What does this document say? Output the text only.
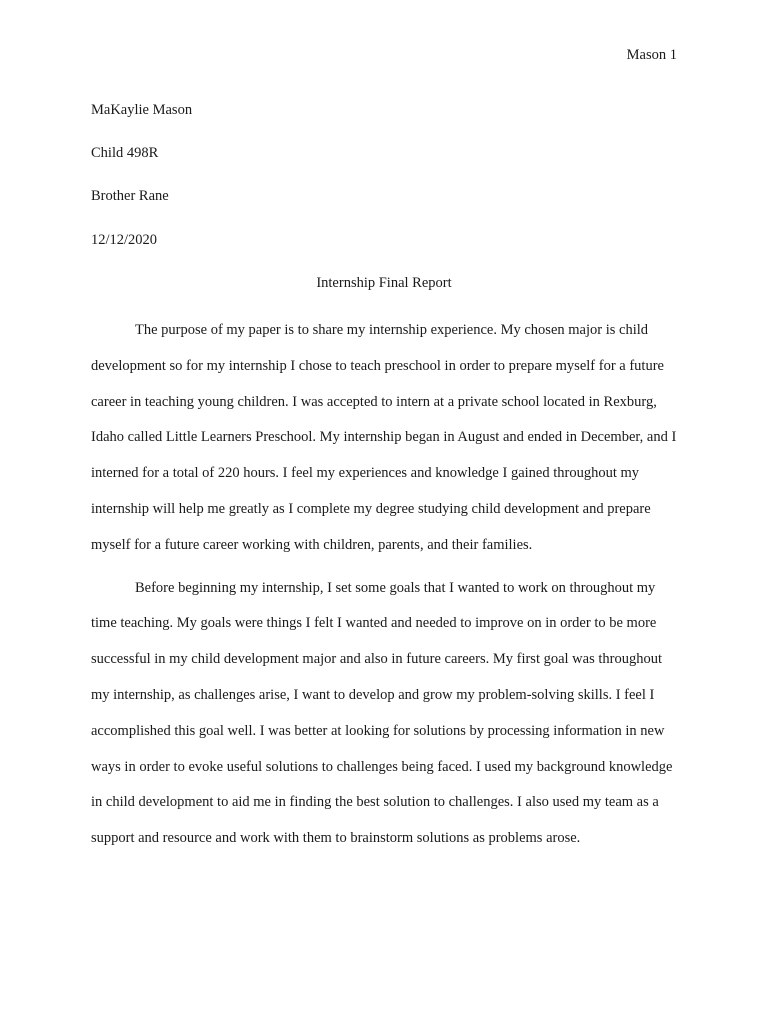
Mason 1
MaKaylie Mason
Child 498R
Brother Rane
12/12/2020
Internship Final Report

The purpose of my paper is to share my internship experience. My chosen major is child development so for my internship I chose to teach preschool in order to prepare myself for a future career in teaching young children. I was accepted to intern at a private school located in Rexburg, Idaho called Little Learners Preschool. My internship began in August and ended in December, and I interned for a total of 220 hours. I feel my experiences and knowledge I gained throughout my internship will help me greatly as I complete my degree studying child development and prepare myself for a future career working with children, parents, and their families.

Before beginning my internship, I set some goals that I wanted to work on throughout my time teaching. My goals were things I felt I wanted and needed to improve on in order to be more successful in my child development major and also in future careers. My first goal was throughout my internship, as challenges arise, I want to develop and grow my problem-solving skills. I feel I accomplished this goal well. I was better at looking for solutions by processing information in new ways in order to evoke useful solutions to challenges being faced. I used my background knowledge in child development to aid me in finding the best solution to challenges. I also used my team as a support and resource and work with them to brainstorm solutions as problems arose.
